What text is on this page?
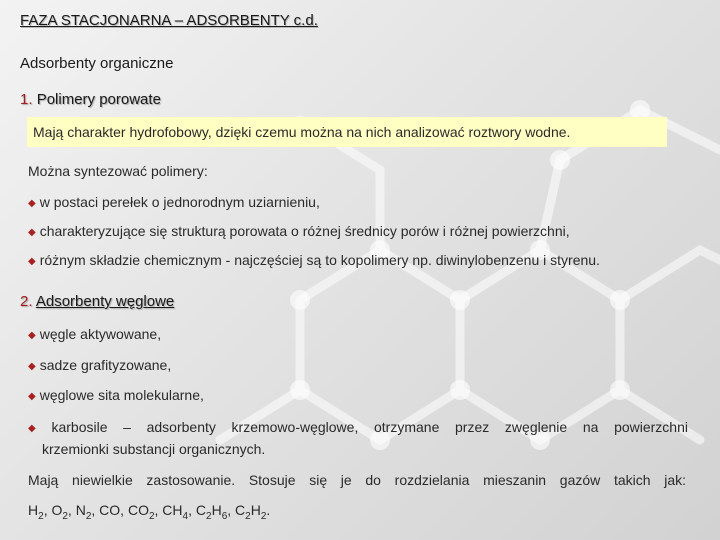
FAZA STACJONARNA – ADSORBENTY c.d.
Adsorbenty organiczne
1. Polimery porowate
Mają charakter hydrofobowy, dzięki czemu można na nich analizować roztwory wodne.
Można syntezować polimery:
◆ w postaci perełek o jednorodnym uziarnieniu,
◆ charakteryzujące się strukturą porowata o różnej średnicy porów i różnej powierzchni,
◆ różnym składzie chemicznym - najczęściej są to kopolimery np. diwinylobenzenu i styrenu.
2. Adsorbenty węglowe
◆ węgle aktywowane,
◆ sadze grafityzowane,
◆ węglowe sita molekularne,
◆ karbosile – adsorbenty krzemowo-węglowe, otrzymane przez zwęglenie na powierzchni
krzemionki substancji organicznych.
Mają niewielkie zastosowanie. Stosuje się je do rozdzielania mieszanin gazów takich jak:
$H_2$, $O_2$, $N_2$, CO, $CO_2$, $CH_4$, $C_2H_6$, $C_2H_2$.
